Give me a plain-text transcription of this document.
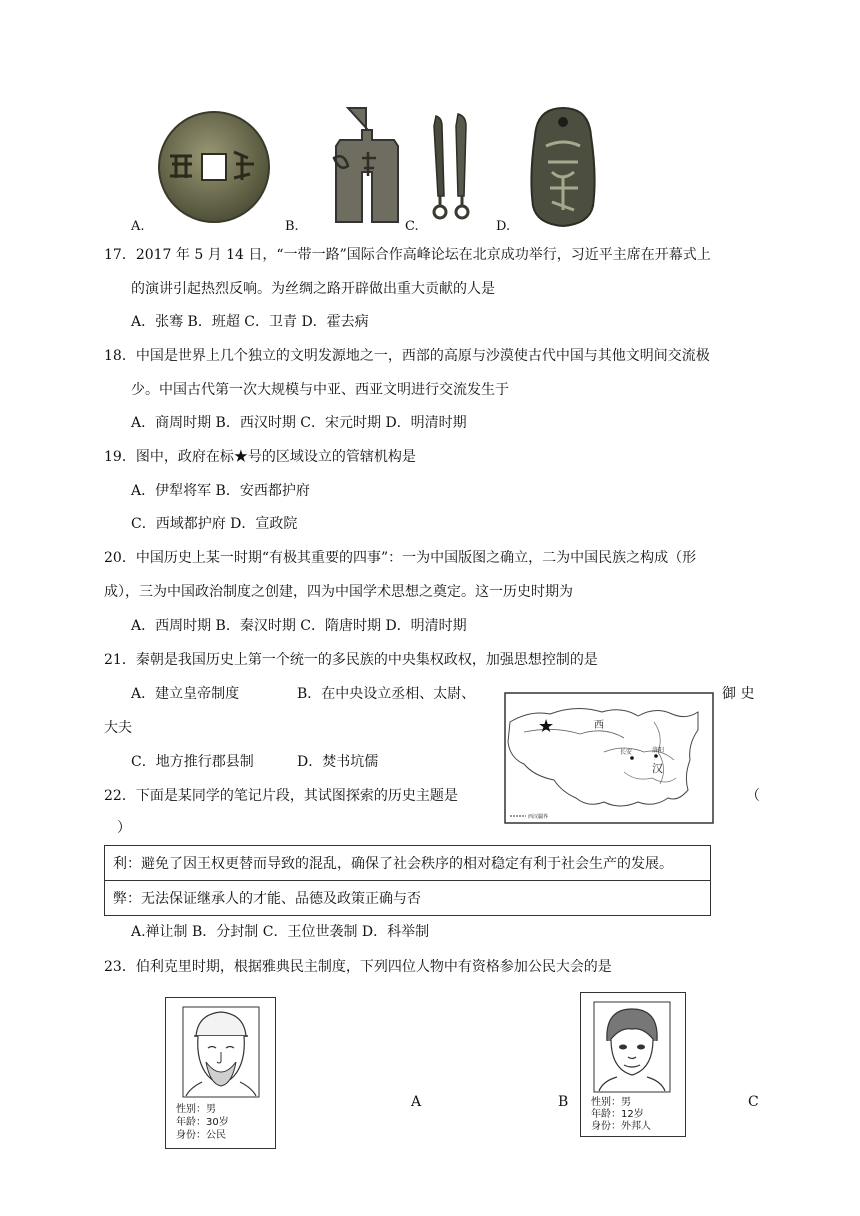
A.	B.	C.	D.
17．2017 年 5 月 14 日，“一带一路”国际合作高峰论坛在北京成功举行，习近平主席在开幕式上
的演讲引起热烈反响。为丝绸之路开辟做出重大贡献的人是
A．张骞 B．班超 C．卫青 D．霍去病
18．中国是世界上几个独立的文明发源地之一，西部的高原与沙漠使古代中国与其他文明间交流极
少。中国古代第一次大规模与中亚、西亚文明进行交流发生于
A．商周时期 B．西汉时期 C．宋元时期 D．明清时期
19．图中，政府在标★号的区域设立的管辖机构是
A．伊犁将军 B．安西都护府
C．西域都护府 D．宣政院
20．中国历史上某一时期“有极其重要的四事”：一为中国版图之确立，二为中国民族之构成（形
成），三为中国政治制度之创建，四为中国学术思想之奠定。这一历史时期为
A．西周时期 B．秦汉时期 C．隋唐时期 D．明清时期
21．秦朝是我国历史上第一个统一的多民族的中央集权政权，加强思想控制的是
A．建立皇帝制度	B．在中央设立丞相、太尉、	御 史
大夫
C．地方推行郡县制	D．焚书坑儒
★	西
长安	洛阳
汉
西汉疆界
22．下面是某同学的笔记片段，其试图探索的历史主题是	（
）
利：避免了因王权更替而导致的混乱，确保了社会秩序的相对稳定有利于社会生产的发展。
弊：无法保证继承人的才能、品德及政策正确与否
A.禅让制 B．分封制 C．王位世袭制 D．科举制
23．伯利克里时期，根据雅典民主制度，下列四位人物中有资格参加公民大会的是
性别：男
年龄：30岁
身份：公民
A	B 性别：男
年龄：12岁
身份：外邦人
C
